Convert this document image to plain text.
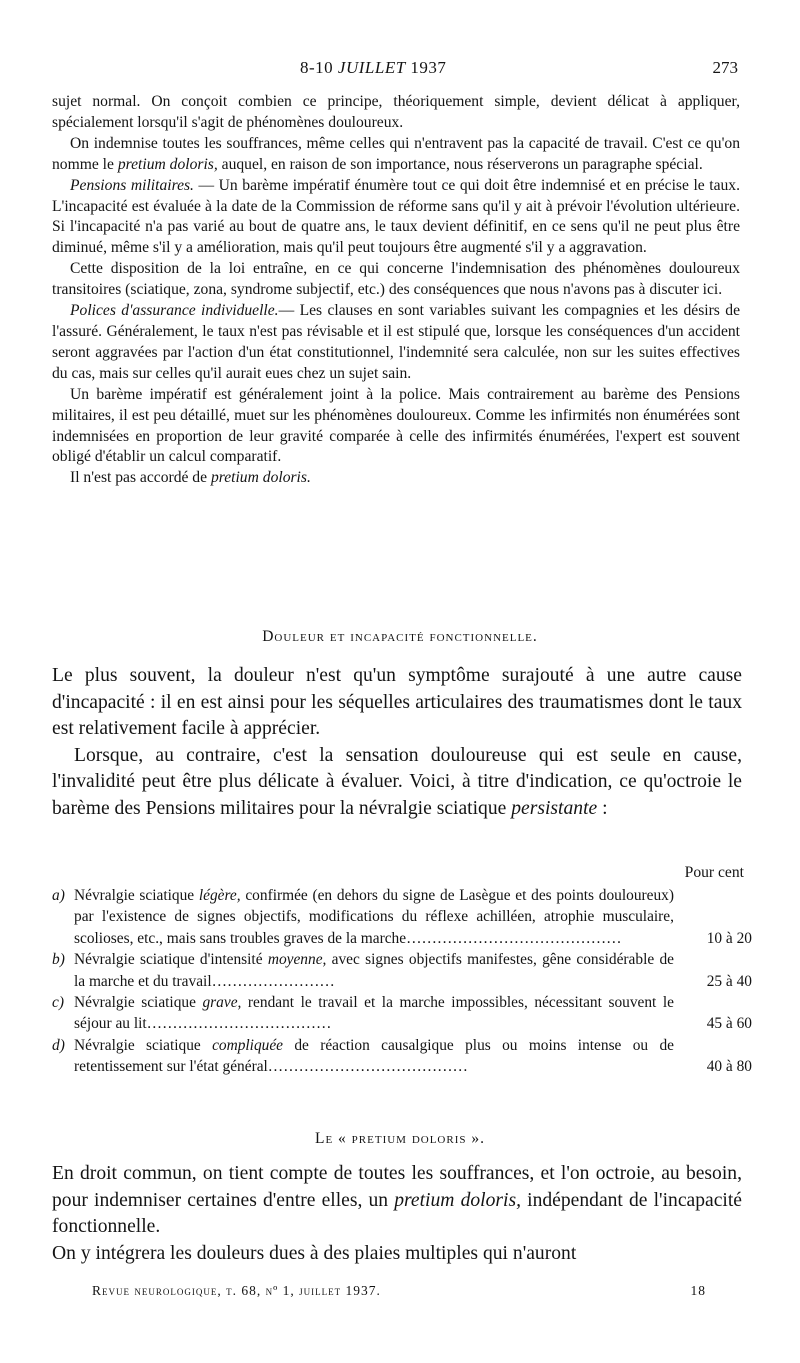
8-10 JUILLET 1937	273

sujet normal. On conçoit combien ce principe, théoriquement simple, devient délicat à appliquer, spécialement lorsqu'il s'agit de phénomènes douloureux.

On indemnise toutes les souffrances, même celles qui n'entravent pas la capacité de travail. C'est ce qu'on nomme le pretium doloris, auquel, en raison de son importance, nous réserverons un paragraphe spécial.

Pensions militaires. — Un barème impératif énumère tout ce qui doit être indemnisé et en précise le taux. L'incapacité est évaluée à la date de la Commission de réforme sans qu'il y ait à prévoir l'évolution ultérieure. Si l'incapacité n'a pas varié au bout de quatre ans, le taux devient définitif, en ce sens qu'il ne peut plus être diminué, même s'il y a amélioration, mais qu'il peut toujours être augmenté s'il y a aggravation.

Cette disposition de la loi entraîne, en ce qui concerne l'indemnisation des phénomènes douloureux transitoires (sciatique, zona, syndrome subjectif, etc.) des conséquences que nous n'avons pas à discuter ici.

Polices d'assurance individuelle.— Les clauses en sont variables suivant les compagnies et les désirs de l'assuré. Généralement, le taux n'est pas révisable et il est stipulé que, lorsque les conséquences d'un accident seront aggravées par l'action d'un état constitutionnel, l'indemnité sera calculée, non sur les suites effectives du cas, mais sur celles qu'il aurait eues chez un sujet sain.

Un barème impératif est généralement joint à la police. Mais contrairement au barème des Pensions militaires, il est peu détaillé, muet sur les phénomènes douloureux. Comme les infirmités non énumérées sont indemnisées en proportion de leur gravité comparée à celle des infirmités énumérées, l'expert est souvent obligé d'établir un calcul comparatif.

Il n'est pas accordé de pretium doloris.

Douleur et incapacité fonctionnelle.

Le plus souvent, la douleur n'est qu'un symptôme surajouté à une autre cause d'incapacité : il en est ainsi pour les séquelles articulaires des traumatismes dont le taux est relativement facile à apprécier.

Lorsque, au contraire, c'est la sensation douloureuse qui est seule en cause, l'invalidité peut être plus délicate à évaluer. Voici, à titre d'indication, ce qu'octroie le barème des Pensions militaires pour la névralgie sciatique persistante :

Pour cent
a) Névralgie sciatique légère, confirmée (en dehors du signe de Lasègue et des points douloureux) par l'existence de signes objectifs, modifications du réflexe achilléen, atrophie musculaire, scolioses, etc., mais sans troubles graves de la marche……………………………………	10 à 20
b) Névralgie sciatique d'intensité moyenne, avec signes objectifs manifestes, gêne considérable de la marche et du travail……………………	25 à 40
c) Névralgie sciatique grave, rendant le travail et la marche impossibles, nécessitant souvent le séjour au lit………………………………	45 à 60
d) Névralgie sciatique compliquée de réaction causalgique plus ou moins intense ou de retentissement sur l'état général…………………………………	40 à 80
Le « pretium doloris ».

En droit commun, on tient compte de toutes les souffrances, et l'on octroie, au besoin, pour indemniser certaines d'entre elles, un pretium doloris, indépendant de l'incapacité fonctionnelle.

On y intégrera les douleurs dues à des plaies multiples qui n'auront

Revue neurologique, t. 68, nº 1, juillet 1937.	18
